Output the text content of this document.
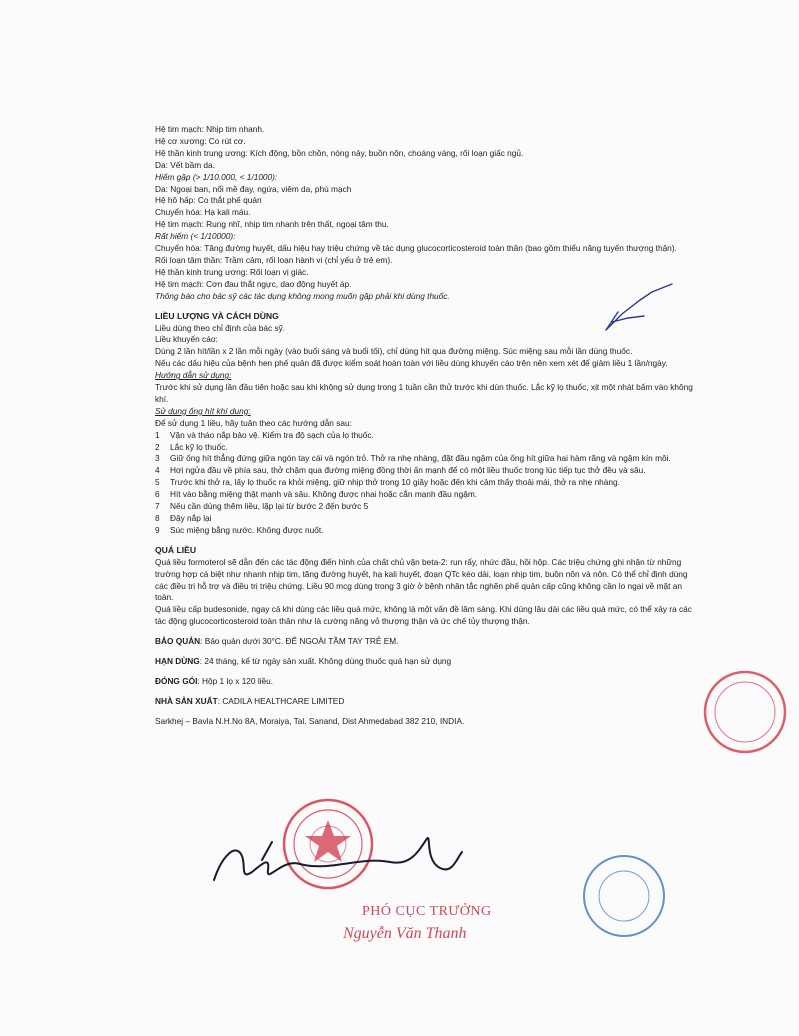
Hệ tim mạch: Nhịp tim nhanh.

Hệ cơ xương: Co rút cơ.

Hệ thần kinh trung ương: Kích động, bồn chồn, nóng nảy, buồn nôn, choáng váng, rối loạn giấc ngủ.

Da: Vết bầm da.

Hiếm gặp (> 1/10.000, < 1/1000):

Da: Ngoại ban, nổi mề đay, ngứa, viêm da, phù mạch

Hệ hô hấp: Co thắt phế quản

Chuyển hóa: Hạ kali máu.

Hệ tim mạch: Rung nhĩ, nhịp tim nhanh trên thất, ngoại tâm thu.

Rất hiếm (< 1/10000):

Chuyển hóa: Tăng đường huyết, dấu hiệu hay triệu chứng về tác dụng glucocorticosteroid toàn thân (bao gồm thiểu năng tuyến thượng thận).

Rối loạn tâm thần: Trầm cảm, rối loạn hành vi (chỉ yếu ở trẻ em).

Hệ thần kinh trung ương: Rối loạn vị giác.

Hệ tim mạch: Cơn đau thắt ngực, dao động huyết áp.

Thông báo cho bác sỹ các tác dụng không mong muốn gặp phải khi dùng thuốc.

LIỀU LƯỢNG VÀ CÁCH DÙNG

Liều dùng theo chỉ định của bác sỹ.

Liều khuyến cáo:

Dùng 2 lần hít/lần x 2 lần mỗi ngày (vào buổi sáng và buổi tối), chỉ dùng hít qua đường miệng. Súc miệng sau mỗi lần dùng thuốc.

Nếu các dấu hiệu của bệnh hen phế quản đã được kiểm soát hoàn toàn với liều dùng khuyến cáo trên nên xem xét để giảm liều 1 lần/ngày.

Hướng dẫn sử dụng:

Trước khi sử dụng lần đầu tiên hoặc sau khi không sử dụng trong 1 tuần cần thử trước khi dùn thuốc. Lắc kỹ lọ thuốc, xịt một nhát bấm vào không khí.

Sử dụng ống hít khí dung:

Để sử dụng 1 liều, hãy tuân theo các hướng dẫn sau:

1 Vặn và tháo nắp bảo vệ. Kiểm tra độ sạch của lọ thuốc.
2 Lắc kỹ lọ thuốc.
3 Giữ ống hít thẳng đứng giữa ngón tay cái và ngón trỏ. Thở ra nhẹ nhàng, đặt đầu ngậm của ống hít giữa hai hàm răng và ngậm kín môi.
4 Hơi ngửa đầu về phía sau, thở chậm qua đường miệng đồng thời ấn mạnh để có một liều thuốc trong lúc tiếp tục thở đều và sâu.
5 Trước khi thở ra, lấy lọ thuốc ra khỏi miệng, giữ nhịp thở trong 10 giây hoặc đến khi cảm thấy thoải mái, thở ra nhẹ nhàng.
6 Hít vào bằng miệng thật mạnh và sâu. Không được nhai hoặc cắn mạnh đầu ngậm.
7 Nếu cần dùng thêm liều, lặp lại từ bước 2 đến bước 5
8 Đậy nắp lại
9 Súc miệng bằng nước. Không được nuốt.

QUÁ LIỀU

Quá liều formoterol sẽ dẫn đến các tác động điển hình của chất chủ vận beta-2: run rẩy, nhức đầu, hồi hộp. Các triệu chứng ghi nhận từ những trường hợp cá biệt như nhanh nhịp tim, tăng đường huyết, hạ kali huyết, đoạn QTc kéo dài, loạn nhịp tim, buồn nôn và nôn. Có thể chỉ định dùng các điều trị hỗ trợ và điều trị triệu chứng. Liều 90 mcg dùng trong 3 giờ ở bệnh nhân tắc nghẽn phế quản cấp cũng không cần lo ngại về mặt an toàn.

Quá liều cấp budesonide, ngay cả khi dùng các liều quá mức, không là một vấn đề lâm sàng. Khi dùng lâu dài các liều quá mức, có thể xảy ra các tác động glucocorticosteroid toàn thân như là cường năng vỏ thượng thận và ức chế tủy thượng thận.

BẢO QUẢN: Bảo quản dưới 30°C. ĐỂ NGOÀI TẦM TAY TRẺ EM.

HẠN DÙNG: 24 tháng, kể từ ngày sản xuất. Không dùng thuốc quá hạn sử dụng

ĐÓNG GÓI: Hộp 1 lọ x 120 liều.

NHÀ SẢN XUẤT: CADILA HEALTHCARE LIMITED

Sarkhej – Bavla N.H.No 8A, Moraiya, Tal. Sanand, Dist Ahmedabad 382 210, INDIA.

PHÓ CỤC TRƯỞNG
Nguyễn Văn Thanh
